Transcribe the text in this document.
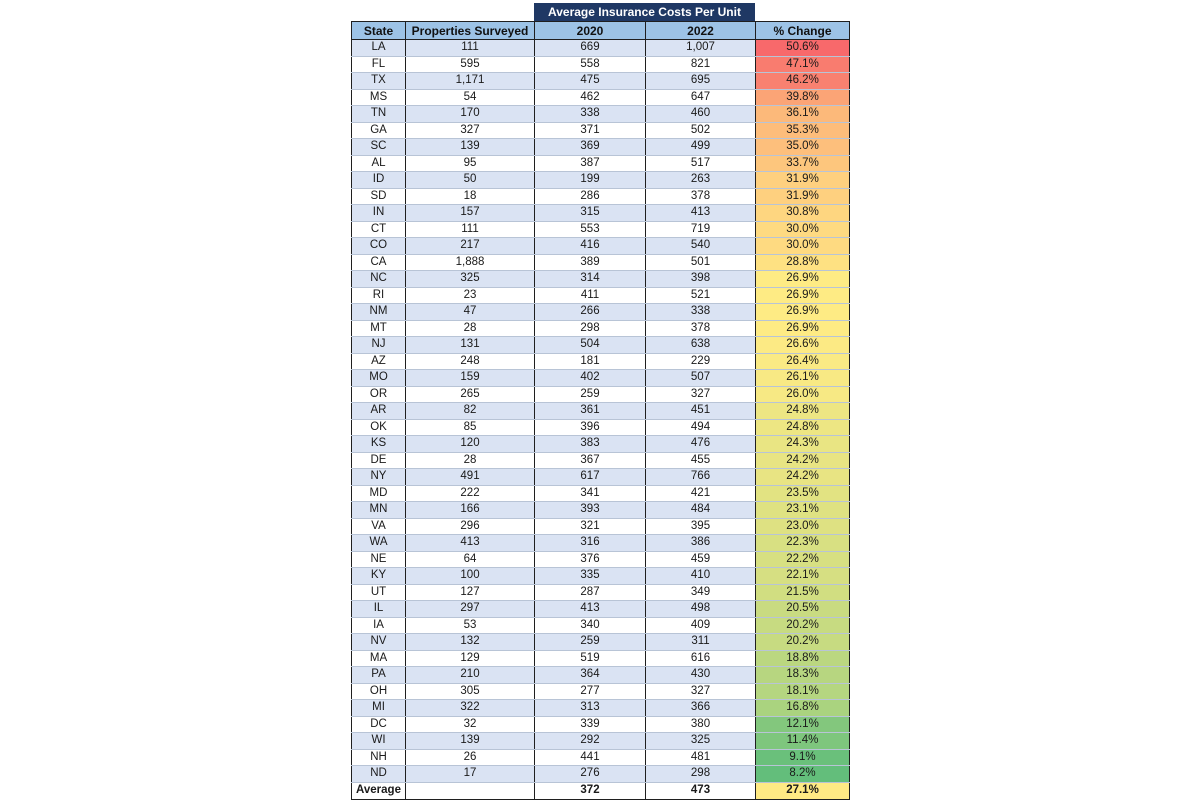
Average Insurance Costs Per Unit
State	Properties Surveyed	2020	2022	% Change
LA	111	669	1,007	50.6%
FL	595	558	821	47.1%
TX	1,171	475	695	46.2%
MS	54	462	647	39.8%
TN	170	338	460	36.1%
GA	327	371	502	35.3%
SC	139	369	499	35.0%
AL	95	387	517	33.7%
ID	50	199	263	31.9%
SD	18	286	378	31.9%
IN	157	315	413	30.8%
CT	111	553	719	30.0%
CO	217	416	540	30.0%
CA	1,888	389	501	28.8%
NC	325	314	398	26.9%
RI	23	411	521	26.9%
NM	47	266	338	26.9%
MT	28	298	378	26.9%
NJ	131	504	638	26.6%
AZ	248	181	229	26.4%
MO	159	402	507	26.1%
OR	265	259	327	26.0%
AR	82	361	451	24.8%
OK	85	396	494	24.8%
KS	120	383	476	24.3%
DE	28	367	455	24.2%
NY	491	617	766	24.2%
MD	222	341	421	23.5%
MN	166	393	484	23.1%
VA	296	321	395	23.0%
WA	413	316	386	22.3%
NE	64	376	459	22.2%
KY	100	335	410	22.1%
UT	127	287	349	21.5%
IL	297	413	498	20.5%
IA	53	340	409	20.2%
NV	132	259	311	20.2%
MA	129	519	616	18.8%
PA	210	364	430	18.3%
OH	305	277	327	18.1%
MI	322	313	366	16.8%
DC	32	339	380	12.1%
WI	139	292	325	11.4%
NH	26	441	481	9.1%
ND	17	276	298	8.2%
Average		372	473	27.1%
